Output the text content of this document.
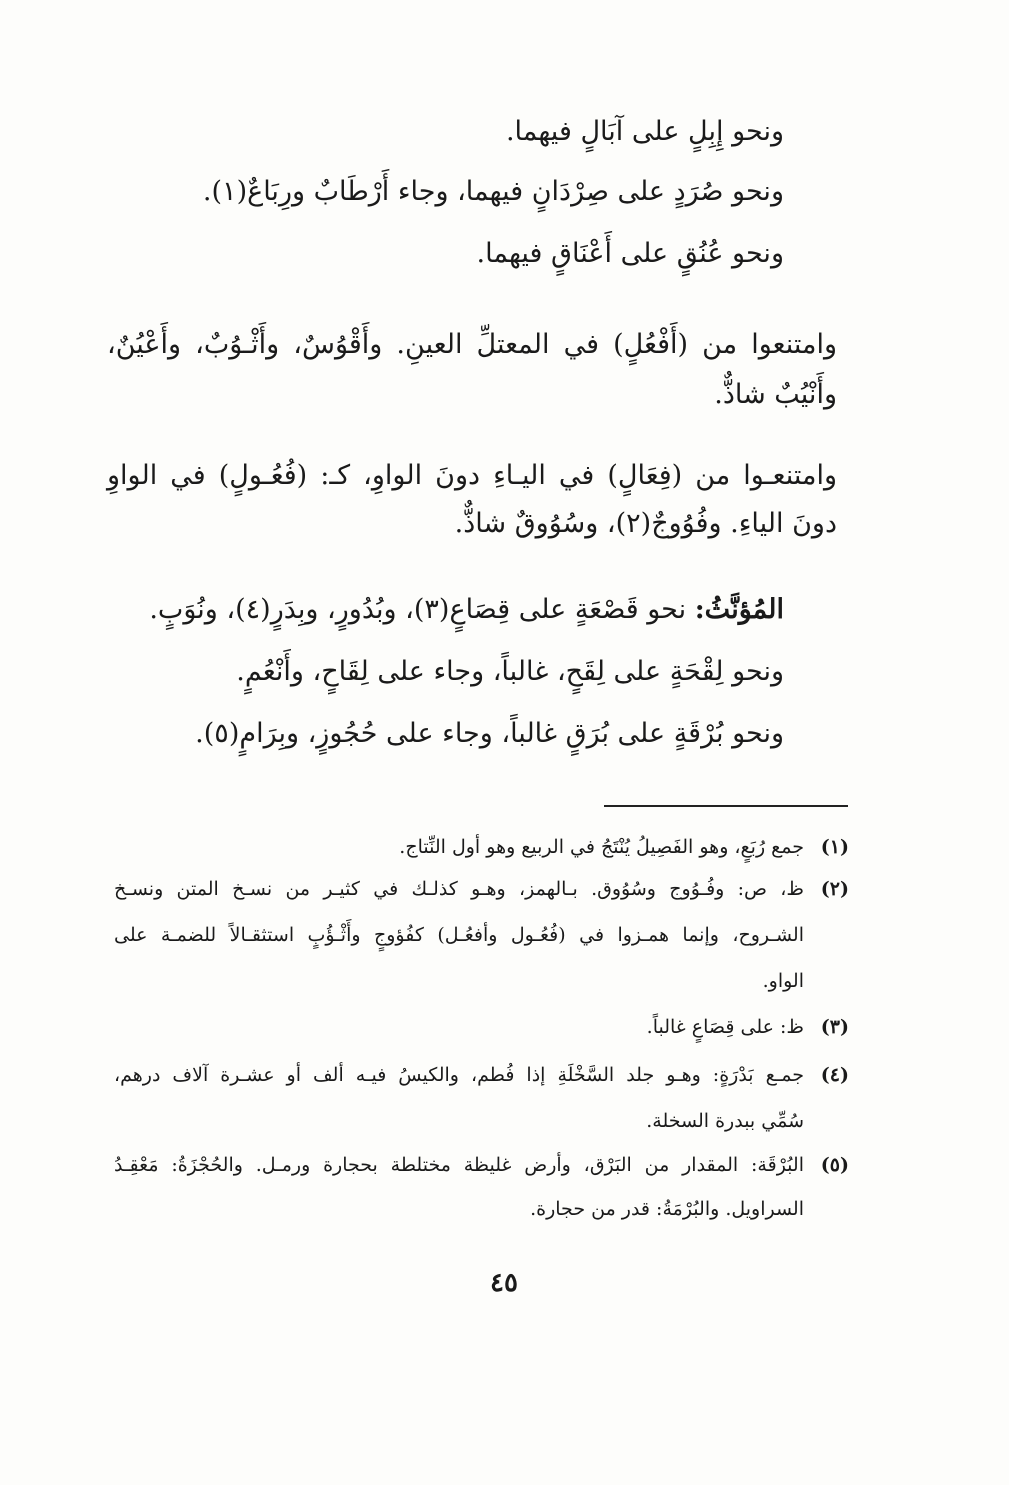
ونحو إِبِلٍ على آبَالٍ فيهما.
ونحو صُرَدٍ على صِرْدَانٍ فيهما، وجاء أَرْطَابٌ ورِبَاعٌ(١).
ونحو عُنُقٍ على أَعْنَاقٍ فيهما.
وامتنعوا من (أَفْعُلٍ) في المعتلِّ العينِ. وأَقْوُسٌ، وأَثْـوُبٌ، وأَعْيُنٌ،
وأَنْيُبٌ شاذٌّ.
وامتنعـوا من (فِعَالٍ) في اليـاءِ دونَ الواوِ، كـ: (فُعُـولٍ) في الواوِ
دونَ الياءِ. وفُوُوجٌ(٢)، وسُوُوقٌ شاذٌّ.
المُؤنَّثُ: نحو قَصْعَةٍ على قِصَاعٍ(٣)، وبُدُورٍ، وبِدَرٍ(٤)، ونُوَبٍ.
ونحو لِقْحَةٍ على لِقَحٍ، غالباً، وجاء على لِقَاحٍ، وأَنْعُمٍ.
ونحو بُرْقَةٍ على بُرَقٍ غالباً، وجاء على حُجُوزٍ، وبِرَامٍ(٥).
(١)
جمع رُبَعٍ، وهو الفَصِيلُ يُنْتَجُ في الربيع وهو أول النِّتاج.
(٢)
ظ، ص: وفُـوُوج وسُوُوق. بـالهمز، وهـو كذلـك في كثيـر من نسـخ المتن ونسـخ
الشـروح، وإنما همـزوا في (فُعُـول وأفعُـل) كفُؤوجٍ وأَثْـؤُبٍ استثقـالاً للضمـة على
الواو.
(٣)
ظ: على قِصَاعٍ غالباً.
(٤)
جمـع بَدْرَةٍ: وهـو جلد السَّخْلَةِ إذا فُطم، والكيسُ فيـه ألف أو عشـرة آلاف درهم،
سُمِّي ببدرة السخلة.
(٥)
البُرْقَة: المقدار من البَرْق، وأرض غليظة مختلطة بحجارة ورمـل. والحُجْزَةُ: مَعْقِـدُ
السراويل. والبُرْمَةُ: قدر من حجارة.
٤٥
